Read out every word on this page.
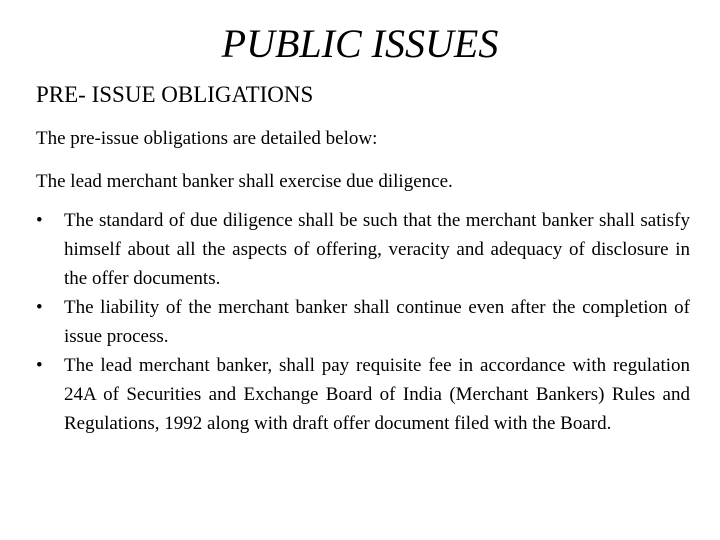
PUBLIC ISSUES
PRE- ISSUE OBLIGATIONS

The pre-issue obligations are detailed below:

The lead merchant banker shall exercise due diligence.

•	The standard of due diligence shall be such that the merchant banker shall satisfy himself about all the aspects of offering, veracity and adequacy of disclosure in the offer documents.
•	The liability of the merchant banker shall continue even after the completion of issue process.
•	The lead merchant banker, shall pay requisite fee in accordance with regulation 24A of Securities and Exchange Board of India (Merchant Bankers) Rules and Regulations, 1992 along with draft offer document filed with the Board.
